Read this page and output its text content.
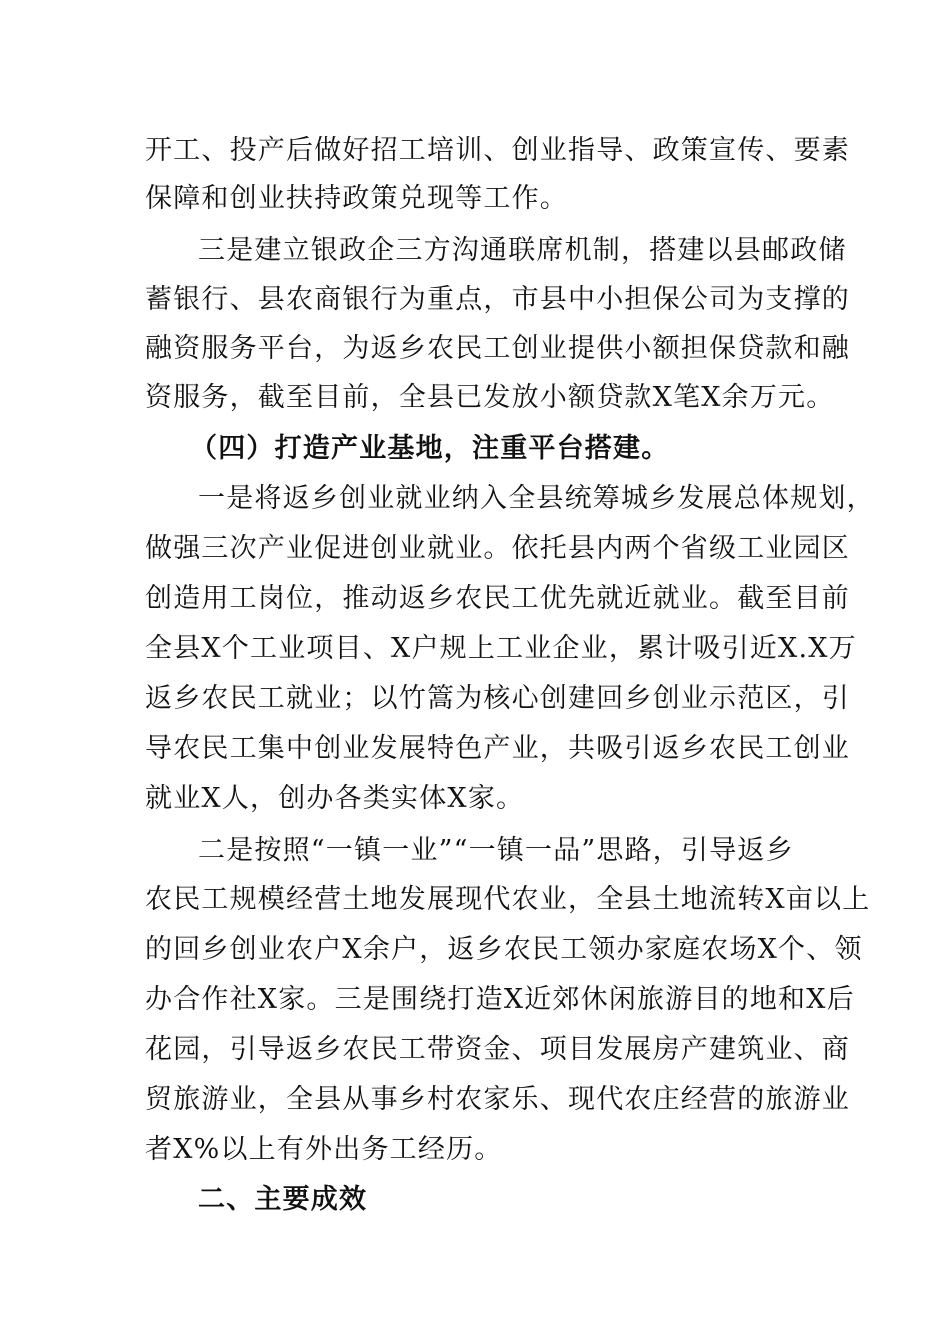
开工、投产后做好招工培训、创业指导、政策宣传、要素
保障和创业扶持政策兑现等工作。
三是建立银政企三方沟通联席机制，搭建以县邮政储
蓄银行、县农商银行为重点，市县中小担保公司为支撑的
融资服务平台，为返乡农民工创业提供小额担保贷款和融
资服务，截至目前，全县已发放小额贷款X笔X余万元。
（四）打造产业基地，注重平台搭建。
一是将返乡创业就业纳入全县统筹城乡发展总体规划，
做强三次产业促进创业就业。依托县内两个省级工业园区
创造用工岗位，推动返乡农民工优先就近就业。截至目前
全县X个工业项目、X户规上工业企业，累计吸引近X.X万
返乡农民工就业；以竹篙为核心创建回乡创业示范区，引
导农民工集中创业发展特色产业，共吸引返乡农民工创业
就业X人，创办各类实体X家。
二是按照“一镇一业”“一镇一品”思路，引导返乡
农民工规模经营土地发展现代农业，全县土地流转X亩以上
的回乡创业农户X余户，返乡农民工领办家庭农场X个、领
办合作社X家。三是围绕打造X近郊休闲旅游目的地和X后
花园，引导返乡农民工带资金、项目发展房产建筑业、商
贸旅游业，全县从事乡村农家乐、现代农庄经营的旅游业
者X%以上有外出务工经历。
二、主要成效
